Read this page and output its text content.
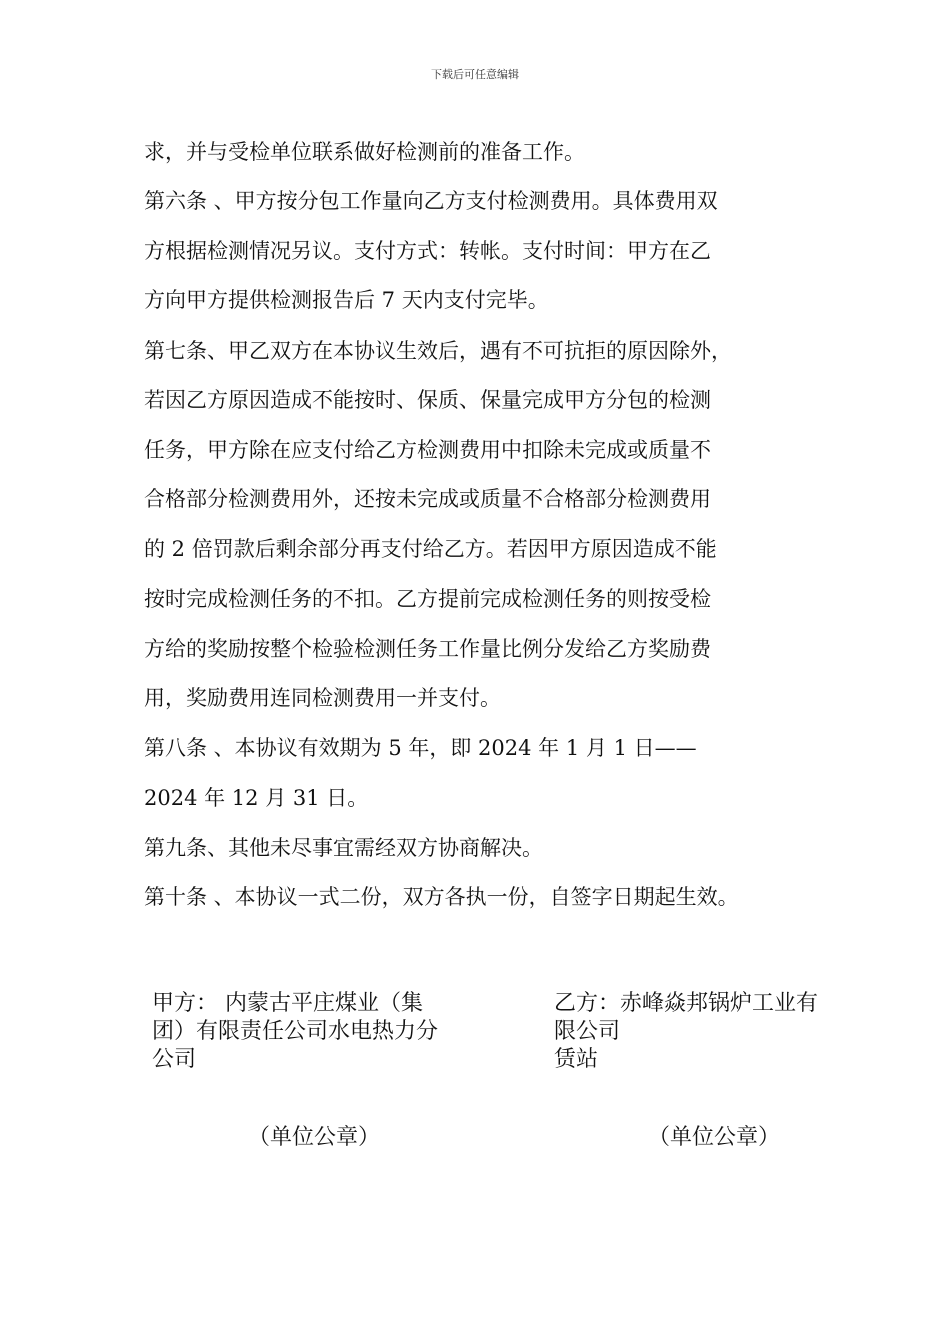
下载后可任意编辑
求，并与受检单位联系做好检测前的准备工作。
第六条 、甲方按分包工作量向乙方支付检测费用。具体费用双
方根据检测情况另议。支付方式：转帐。支付时间：甲方在乙
方向甲方提供检测报告后 7 天内支付完毕。
第七条、甲乙双方在本协议生效后，遇有不可抗拒的原因除外，
若因乙方原因造成不能按时、保质、保量完成甲方分包的检测
任务，甲方除在应支付给乙方检测费用中扣除未完成或质量不
合格部分检测费用外，还按未完成或质量不合格部分检测费用
的 2 倍罚款后剩余部分再支付给乙方。若因甲方原因造成不能
按时完成检测任务的不扣。乙方提前完成检测任务的则按受检
方给的奖励按整个检验检测任务工作量比例分发给乙方奖励费
用，奖励费用连同检测费用一并支付。
第八条 、本协议有效期为 5 年，即 2024 年 1 月 1 日——
2024 年 12 月 31 日。
第九条、其他未尽事宜需经双方协商解决。
第十条 、本协议一式二份，双方各执一份，自签字日期起生效。
甲方： 内蒙古平庄煤业（集
团）有限责任公司水电热力分
公司
乙方：赤峰焱邦锅炉工业有
限公司
赁站
（单位公章）	（单位公章）
